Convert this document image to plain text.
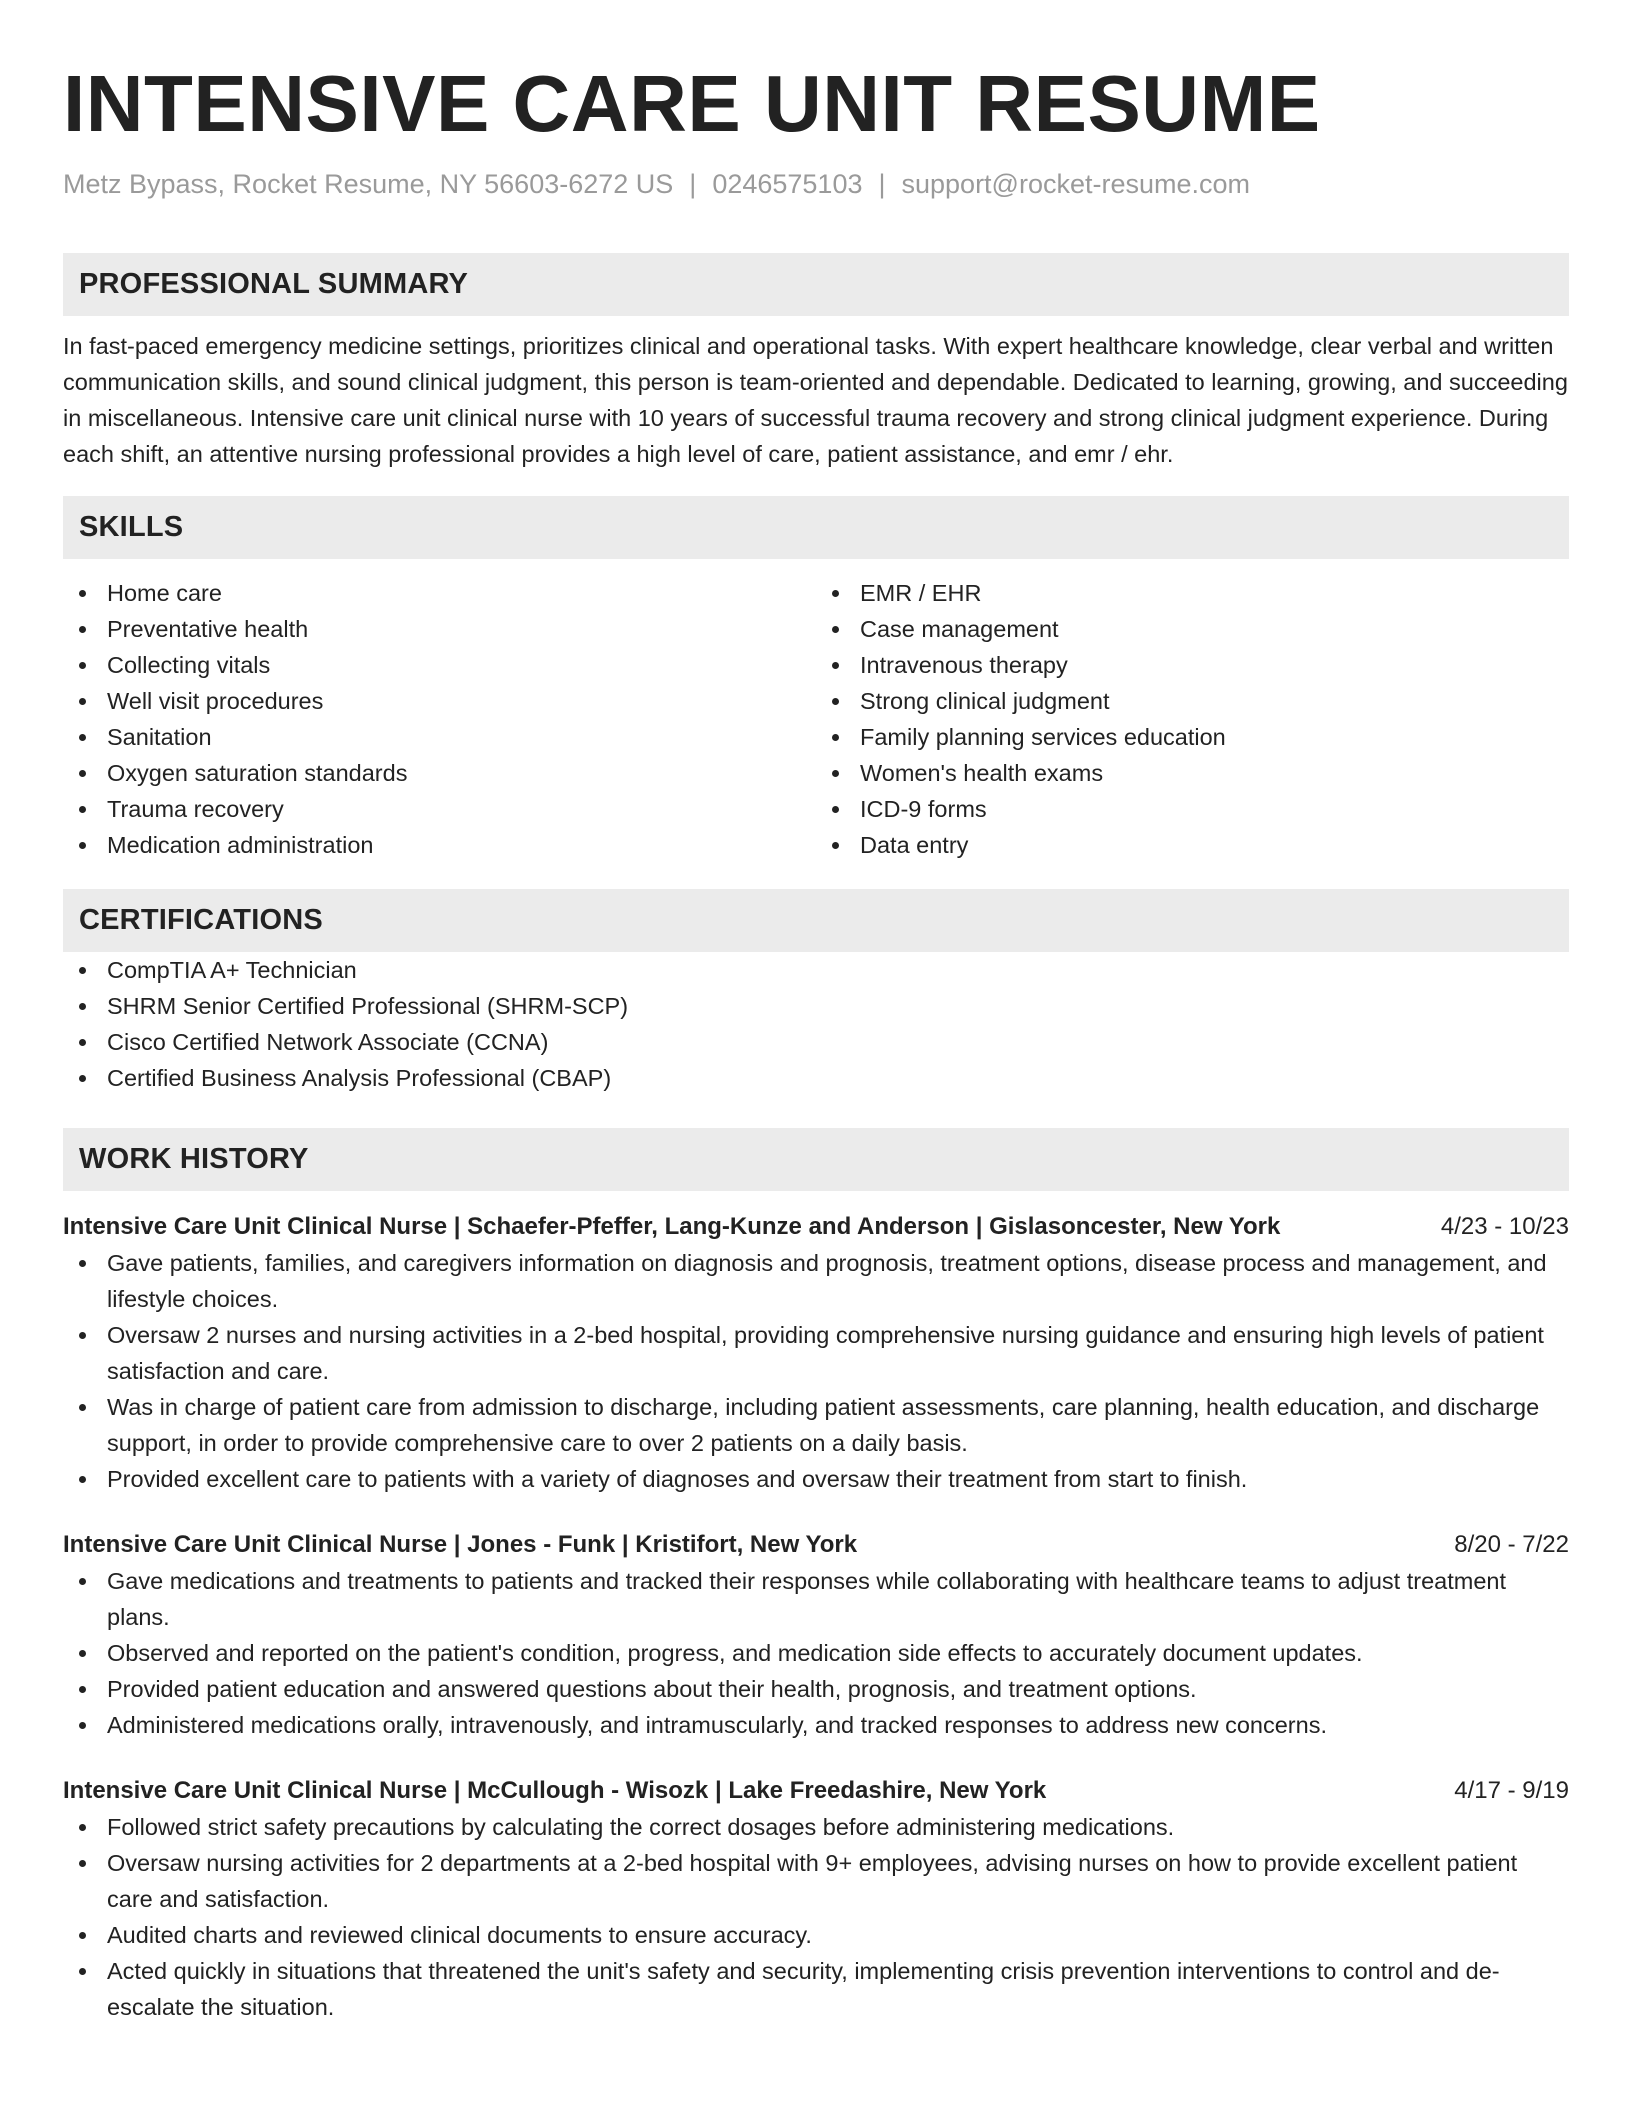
INTENSIVE CARE UNIT RESUME
Metz Bypass, Rocket Resume, NY 56603-6272 US | 0246575103 | support@rocket-resume.com
PROFESSIONAL SUMMARY

In fast-paced emergency medicine settings, prioritizes clinical and operational tasks. With expert healthcare knowledge, clear verbal and written communication skills, and sound clinical judgment, this person is team-oriented and dependable. Dedicated to learning, growing, and succeeding in miscellaneous. Intensive care unit clinical nurse with 10 years of successful trauma recovery and strong clinical judgment experience. During each shift, an attentive nursing professional provides a high level of care, patient assistance, and emr / ehr.

SKILLS
Home care
Preventative health
Collecting vitals
Well visit procedures
Sanitation
Oxygen saturation standards
Trauma recovery
Medication administration
EMR / EHR
Case management
Intravenous therapy
Strong clinical judgment
Family planning services education
Women's health exams
ICD-9 forms
Data entry
CERTIFICATIONS
CompTIA A+ Technician
SHRM Senior Certified Professional (SHRM-SCP)
Cisco Certified Network Associate (CCNA)
Certified Business Analysis Professional (CBAP)
WORK HISTORY
Intensive Care Unit Clinical Nurse | Schaefer-Pfeffer, Lang-Kunze and Anderson | Gislasoncester, New York	4/23 - 10/23
Gave patients, families, and caregivers information on diagnosis and prognosis, treatment options, disease process and management, and lifestyle choices.
Oversaw 2 nurses and nursing activities in a 2-bed hospital, providing comprehensive nursing guidance and ensuring high levels of patient satisfaction and care.
Was in charge of patient care from admission to discharge, including patient assessments, care planning, health education, and discharge support, in order to provide comprehensive care to over 2 patients on a daily basis.
Provided excellent care to patients with a variety of diagnoses and oversaw their treatment from start to finish.
Intensive Care Unit Clinical Nurse | Jones - Funk | Kristifort, New York	8/20 - 7/22
Gave medications and treatments to patients and tracked their responses while collaborating with healthcare teams to adjust treatment plans.
Observed and reported on the patient's condition, progress, and medication side effects to accurately document updates.
Provided patient education and answered questions about their health, prognosis, and treatment options.
Administered medications orally, intravenously, and intramuscularly, and tracked responses to address new concerns.
Intensive Care Unit Clinical Nurse | McCullough - Wisozk | Lake Freedashire, New York	4/17 - 9/19
Followed strict safety precautions by calculating the correct dosages before administering medications.
Oversaw nursing activities for 2 departments at a 2-bed hospital with 9+ employees, advising nurses on how to provide excellent patient care and satisfaction.
Audited charts and reviewed clinical documents to ensure accuracy.
Acted quickly in situations that threatened the unit's safety and security, implementing crisis prevention interventions to control and de-escalate the situation.
